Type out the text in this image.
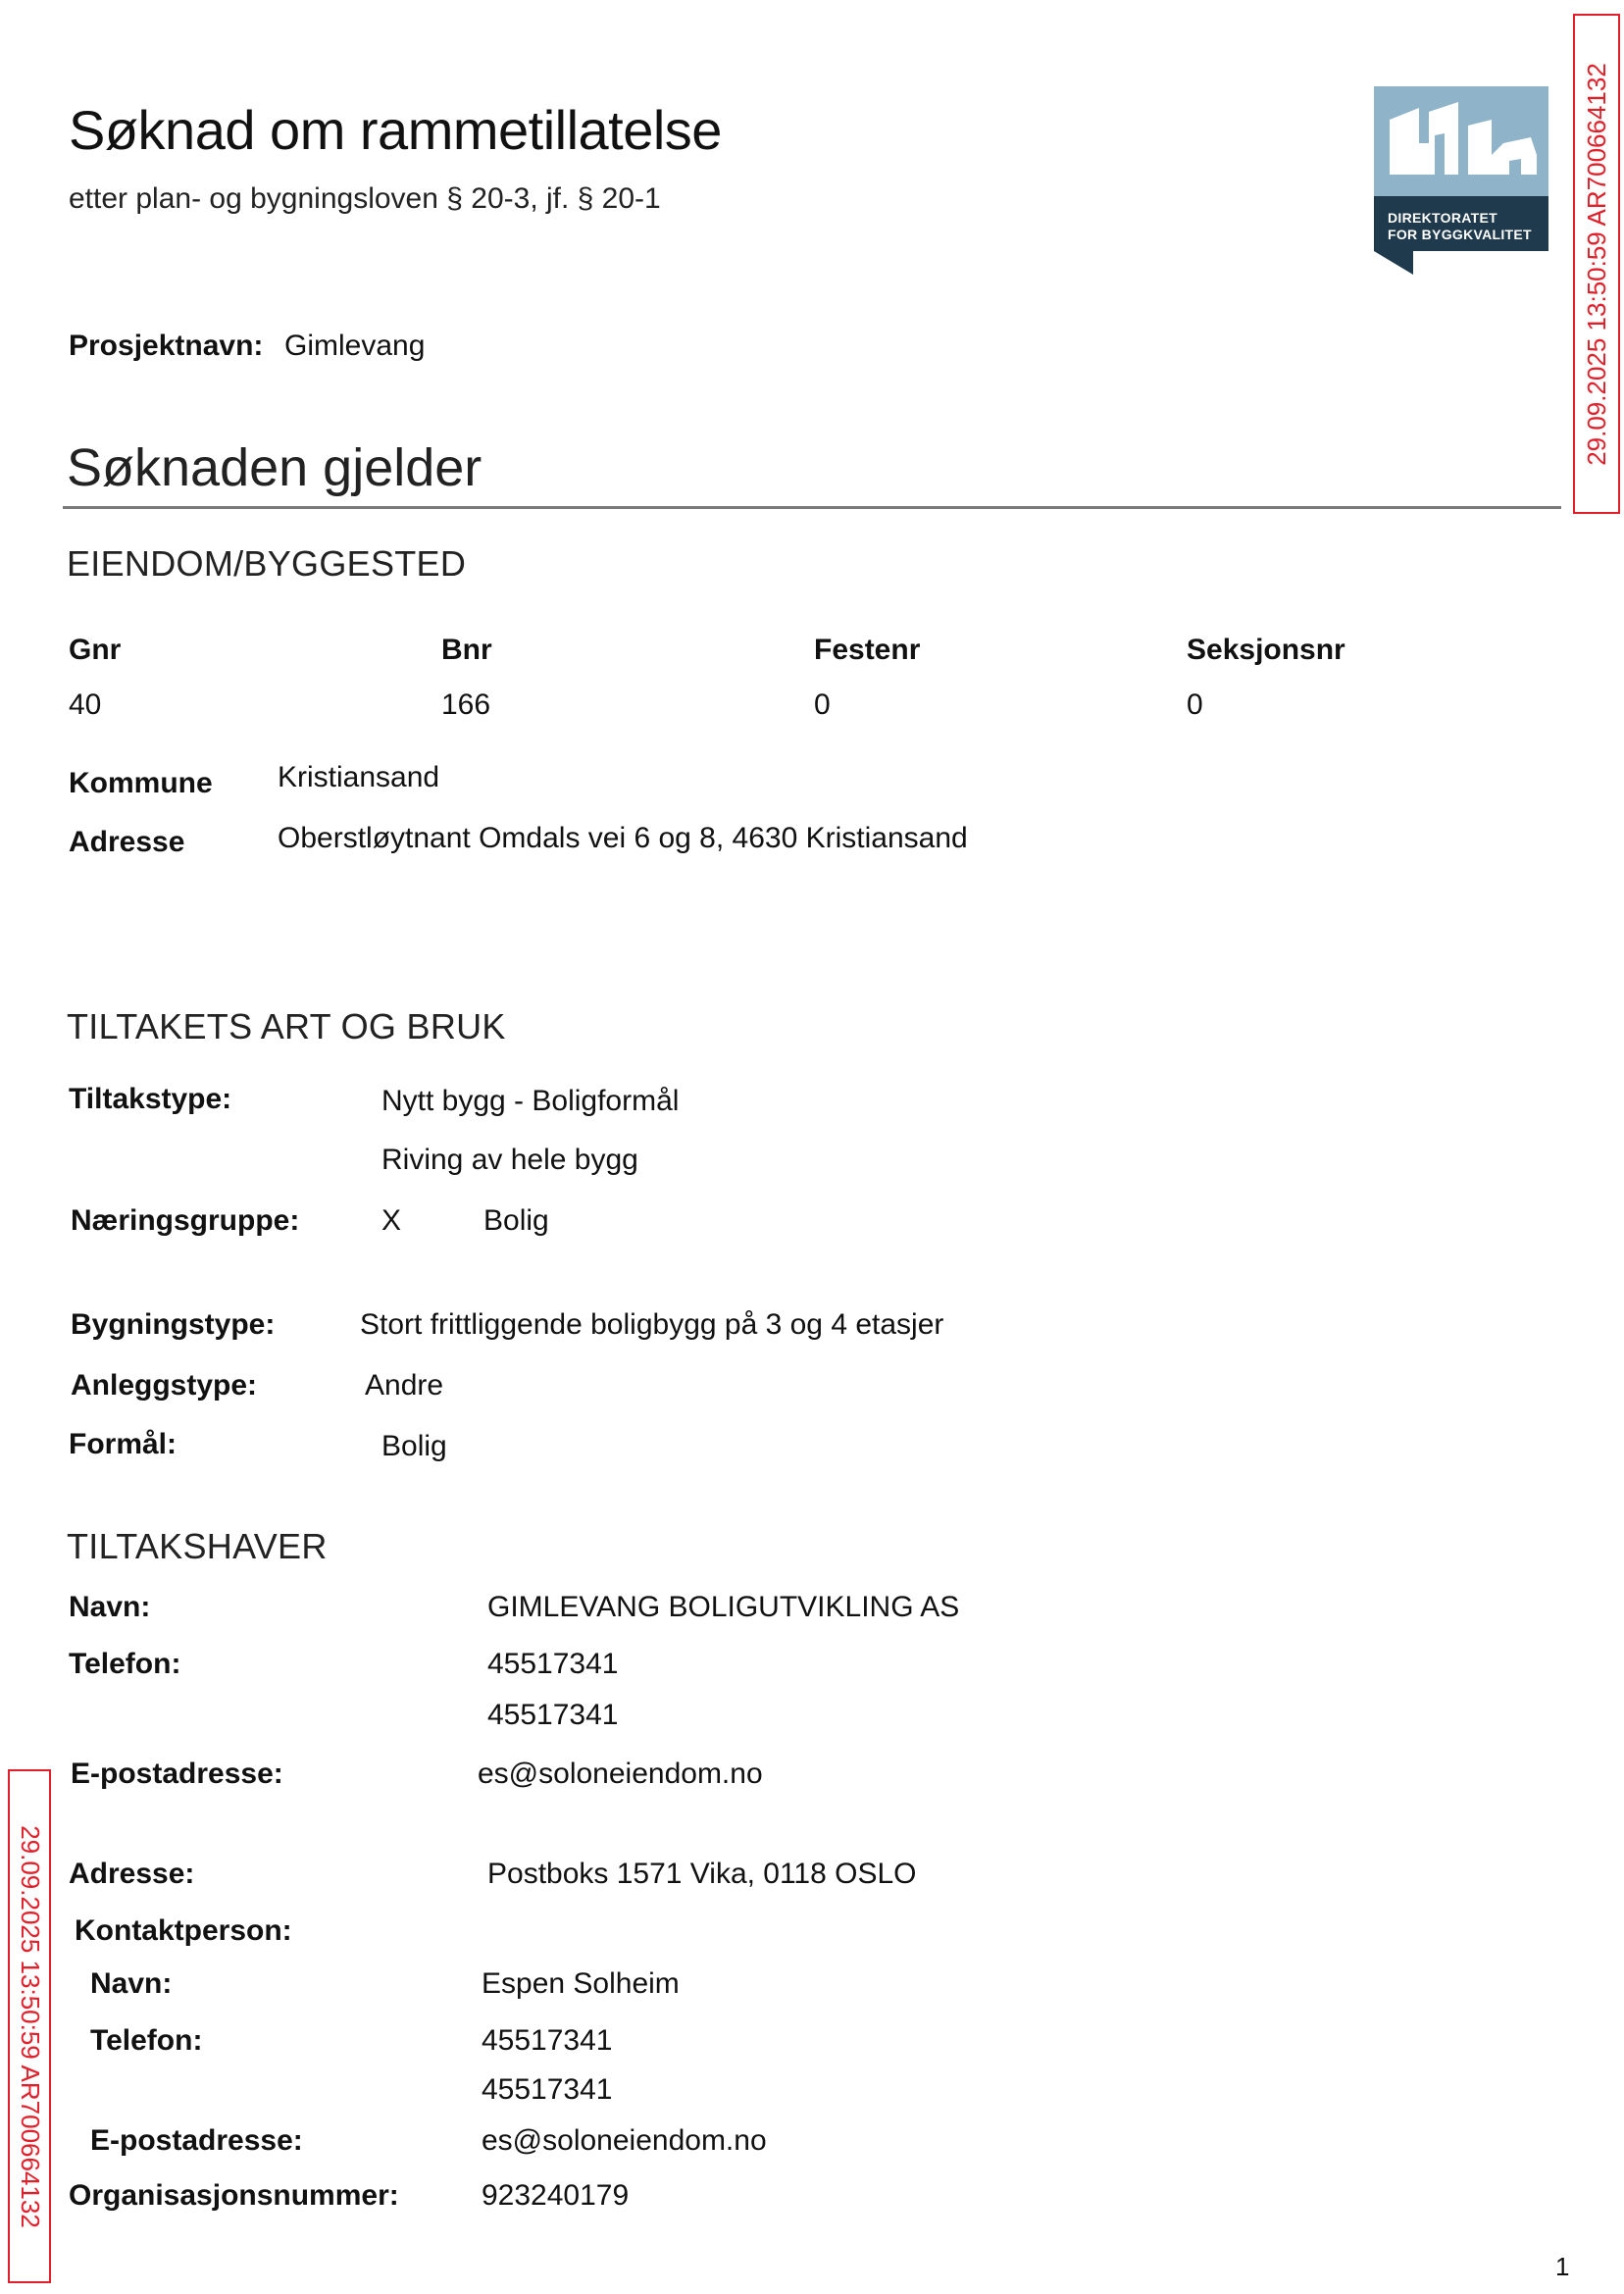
Søknad om rammetillatelse
etter plan- og bygningsloven § 20-3, jf. § 20-1
DIREKTORATET
FOR BYGGKVALITET 29.09.2025 13:50:59 AR700664132
Prosjektnavn: Gimlevang
Søknaden gjelder
EIENDOM/BYGGESTED
Gnr	Bnr	Festenr	Seksjonsnr
40	166	0	0
Kommune Kristiansand
Adresse	Oberstløytnant Omdals vei 6 og 8, 4630 Kristiansand
TILTAKETS ART OG BRUK
Tiltakstype:	Nytt bygg - Boligformål
Riving av hele bygg
Næringsgruppe:	X	Bolig
Bygningstype:	Stort frittliggende boligbygg på 3 og 4 etasjer
Anleggstype:	Andre
Formål:	Bolig
TILTAKSHAVER
Navn:	GIMLEVANG BOLIGUTVIKLING AS
Telefon:	45517341
45517341
E-postadresse:	es@soloneiendom.no
29.09.2025 13:50:59 AR700664132 Adresse:	Postboks 1571 Vika, 0118 OSLO
Kontaktperson:
Navn:	Espen Solheim
Telefon:	45517341
45517341
E-postadresse:	es@soloneiendom.no
Organisasjonsnummer:	923240179
1
